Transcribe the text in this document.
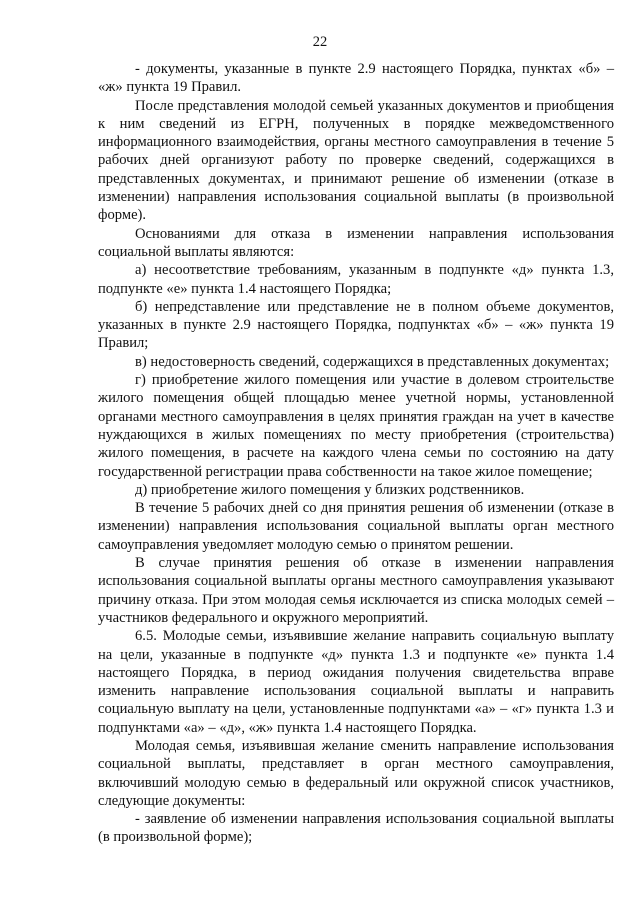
22

- документы, указанные в пункте 2.9 настоящего Порядка, пунктах «б» – «ж» пункта 19 Правил.

После представления молодой семьей указанных документов и приобщения к ним сведений из ЕГРН, полученных в порядке межведомственного информационного взаимодействия, органы местного самоуправления в течение 5 рабочих дней организуют работу по проверке сведений, содержащихся в представленных документах, и принимают решение об изменении (отказе в изменении) направления использования социальной выплаты (в произвольной форме).

Основаниями для отказа в изменении направления использования социальной выплаты являются:

а) несоответствие требованиям, указанным в подпункте «д» пункта 1.3, подпункте «е» пункта 1.4 настоящего Порядка;

б) непредставление или представление не в полном объеме документов, указанных в пункте 2.9 настоящего Порядка, подпунктах «б» – «ж» пункта 19 Правил;

в) недостоверность сведений, содержащихся в представленных документах;

г) приобретение жилого помещения или участие в долевом строительстве жилого помещения общей площадью менее учетной нормы, установленной органами местного самоуправления в целях принятия граждан на учет в качестве нуждающихся в жилых помещениях по месту приобретения (строительства) жилого помещения, в расчете на каждого члена семьи по состоянию на дату государственной регистрации права собственности на такое жилое помещение;

д) приобретение жилого помещения у близких родственников.

В течение 5 рабочих дней со дня принятия решения об изменении (отказе в изменении) направления использования социальной выплаты орган местного самоуправления уведомляет молодую семью о принятом решении.

В случае принятия решения об отказе в изменении направления использования социальной выплаты органы местного самоуправления указывают причину отказа. При этом молодая семья исключается из списка молодых семей – участников федерального и окружного мероприятий.

6.5. Молодые семьи, изъявившие желание направить социальную выплату на цели, указанные в подпункте «д» пункта 1.3 и подпункте «е» пункта 1.4 настоящего Порядка, в период ожидания получения свидетельства вправе изменить направление использования социальной выплаты и направить социальную выплату на цели, установленные подпунктами «а» – «г» пункта 1.3 и подпунктами «а» – «д», «ж» пункта 1.4 настоящего Порядка.

Молодая семья, изъявившая желание сменить направление использования социальной выплаты, представляет в орган местного самоуправления, включивший молодую семью в федеральный или окружной список участников, следующие документы:

- заявление об изменении направления использования социальной выплаты (в произвольной форме);
